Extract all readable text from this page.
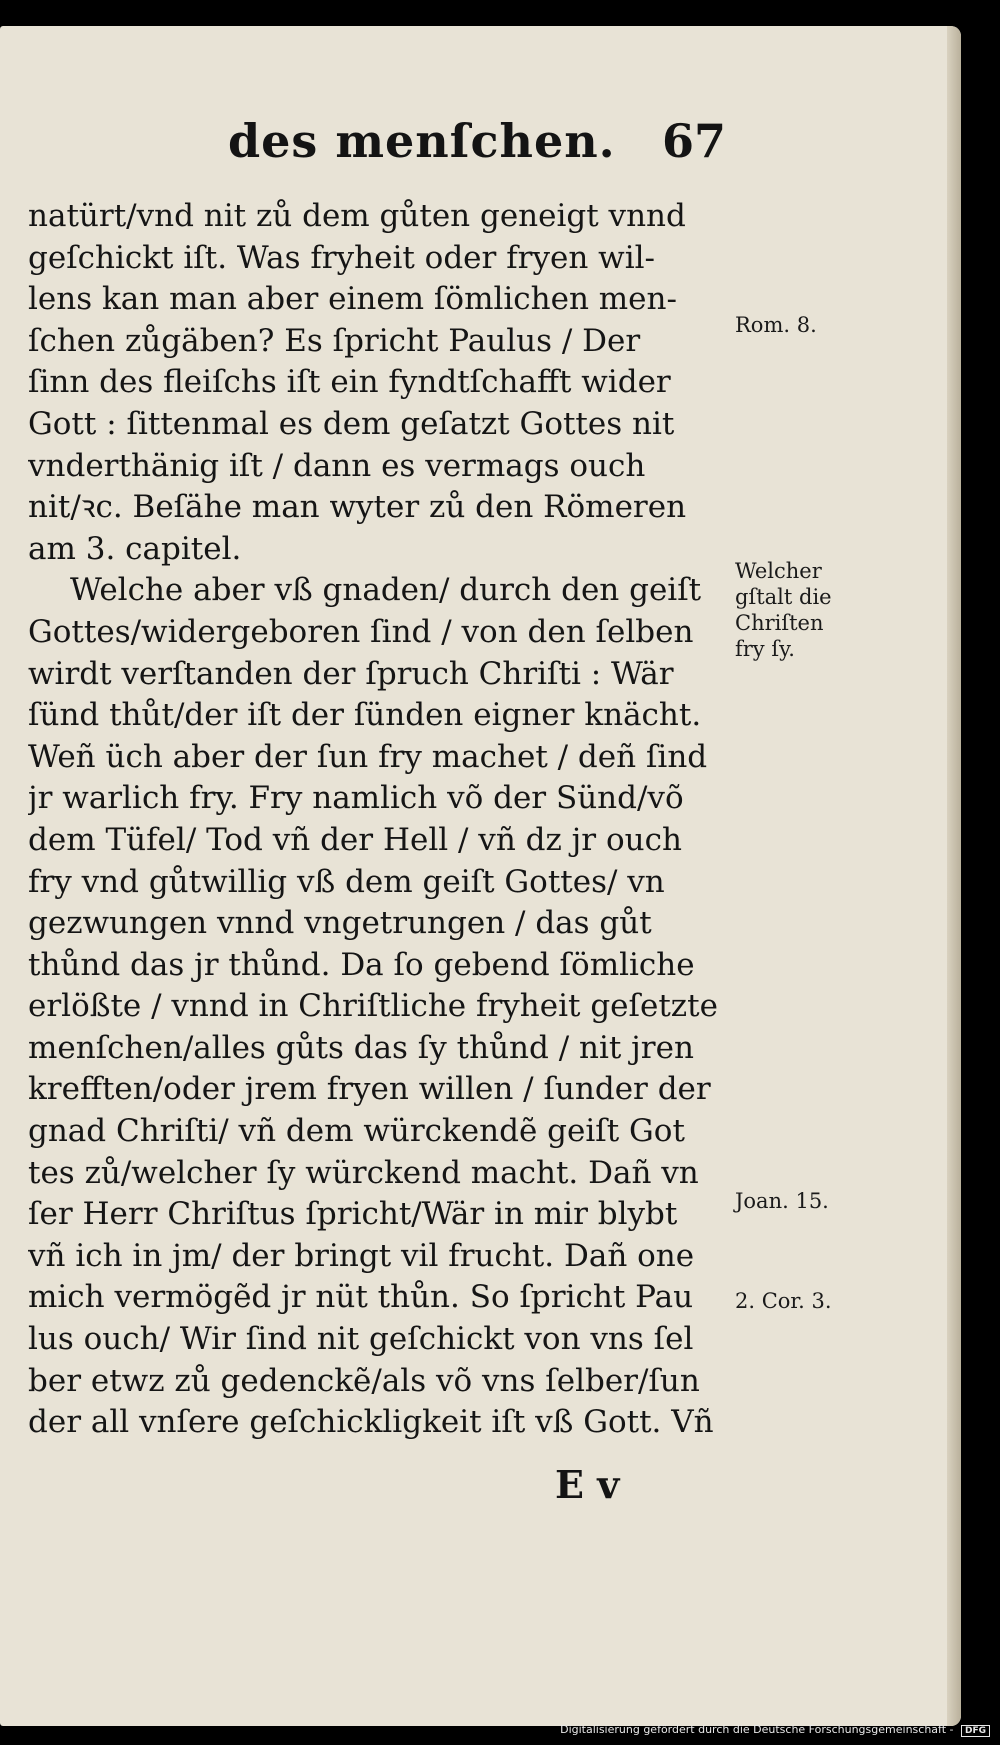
des menſchen. 67
natürt/vnd nit zů dem gůten geneigt vnnd
geſchickt iſt. Was fryheit oder fryen wil-
lens kan man aber einem ſömlichen men-
ſchen zůgäben? Es ſpricht Paulus / Der
ſinn des fleiſchs iſt ein fyndtſchafft wider
Gott : ſittenmal es dem geſatzt Gottes nit
vnderthänig iſt / dann es vermags ouch
nit/ꝛc. Beſähe man wyter zů den Römeren
am 3. capitel.
Welche aber vß gnaden/ durch den geiſt
Gottes/widergeboren ſind / von den ſelben
wirdt verſtanden der ſpruch Chriſti : Wär
ſünd thůt/der iſt der ſünden eigner knächt.
Weñ üch aber der ſun fry machet / deñ ſind
jr warlich fry. Fry namlich võ der Sünd/võ
dem Tüfel/ Tod vñ der Hell / vñ dz jr ouch
fry vnd gůtwillig vß dem geiſt Gottes/ vn
gezwungen vnnd vngetrungen / das gůt
thůnd das jr thůnd. Da ſo gebend ſömliche
erlößte / vnnd in Chriſtliche fryheit geſetzte
menſchen/alles gůts das ſy thůnd / nit jren
krefften/oder jrem fryen willen / ſunder der
gnad Chriſti/ vñ dem würckendẽ geiſt Got
tes zů/welcher ſy würckend macht. Dañ vn
ſer Herr Chriſtus ſpricht/Wär in mir blybt
vñ ich in jm/ der bringt vil frucht. Dañ one
mich vermögẽd jr nüt thůn. So ſpricht Pau
lus ouch/ Wir ſind nit geſchickt von vns ſel
ber etwz zů gedenckẽ/als võ vns ſelber/ſun
der all vnſere geſchickligkeit iſt vß Gott. Vñ
Rom. 8.
Welcher
gſtalt die
Chriſten
fry ſy.
Joan. 15.
2. Cor. 3.
E v
Digitalisierung gefördert durch die Deutsche Forschungsgemeinschaft - DFG
